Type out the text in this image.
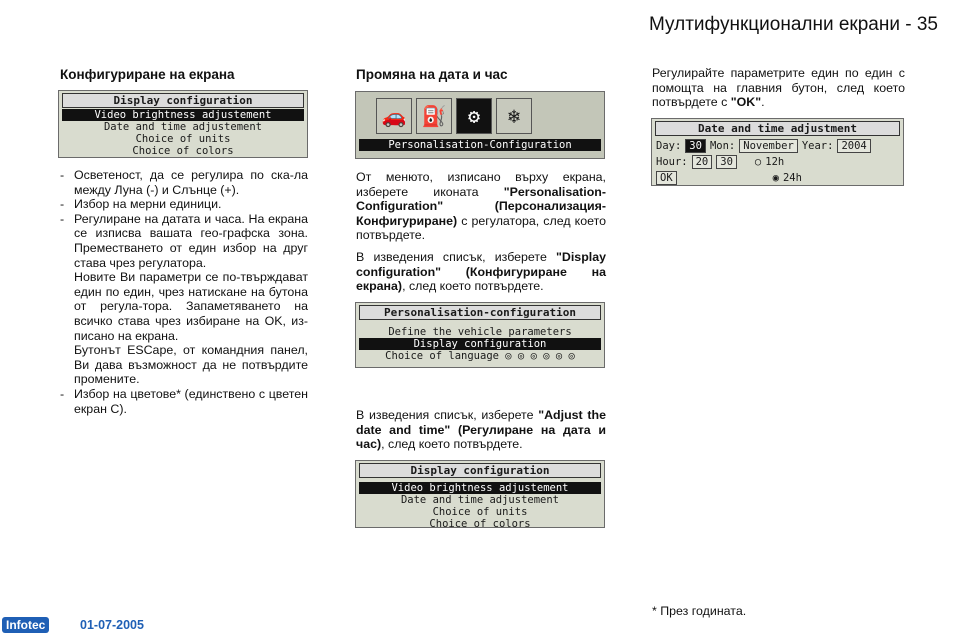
Мултифункционални екрани - 35
Конфигуриране на екрана
Display configuration
Video brightness adjustement
Date and time adjustement
Choice of units
Choice of colors
- Осветеност, да се регулира по ска-ла между Луна (-) и Слънце (+).
- Избор на мерни единици.
- Регулиране на датата и часа. На екрана се изписва вашата гео-графска зона. Преместването от един избор на друг става чрез регулатора.
Новите Ви параметри се по-твърждават един по един, чрез натискане на бутона от регула-тора. Запаметяването на всичко става чрез избиране на OK, из-писано на екрана.
Бутонът ESCape, от командния панел, Ви дава възможност да не потвърдите промените.
- Избор на цветове* (единствено с цветен екран C).
Промяна на дата и час
🚗 ⛽	⚙	❄
Personalisation-Configuration
От менюто, изписано върху екрана, изберете иконата "Personalisation-Configuration" (Персонализация-Конфигуриране) с регулатора, след което потвърдете.
В изведения списък, изберете "Display configuration" (Конфигуриране на екрана), след което потвърдете.
Personalisation-configuration
Define the vehicle parameters
Display configuration
Choice of language ◎ ◎ ◎ ◎ ◎ ◎
В изведения списък, изберете "Adjust the date and time" (Регулиране на дата и час), след което потвърдете.
Display configuration
Video brightness adjustement
Date and time adjustement
Choice of units
Choice of colors
Регулирайте параметрите един по един с помощта на главния бутон, след което потвърдете с "OK".
Date and time adjustment
Day: 30 Mon: November Year: 2004
Hour: 20	30	○ 12h
OK	◉ 24h
* През годината.
Infotec	01-07-2005
